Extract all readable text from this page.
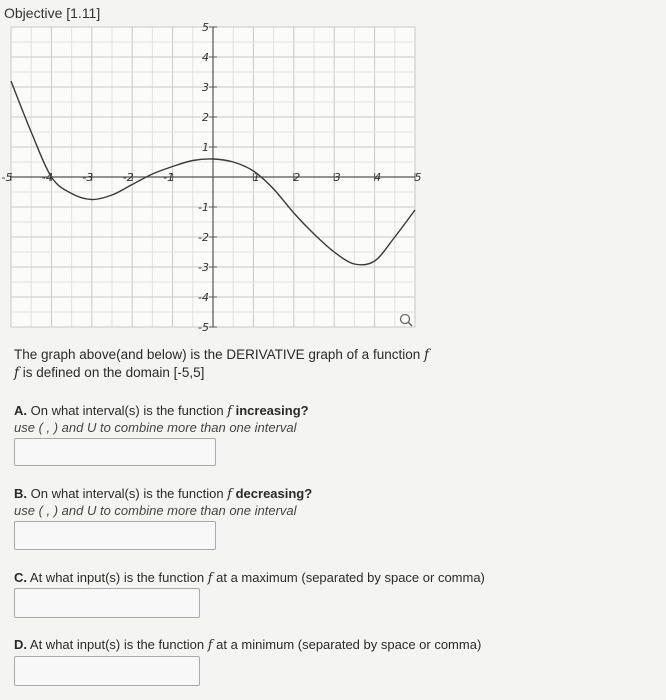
Objective [1.11]
-5	-4	-3	-2	-1	1	2	3	4	5
5
4
3
2
1
-1
-2
-3
-4
-5
The graph above(and below) is the DERIVATIVE graph of a function f
f is defined on the domain [-5,5]
A. On what interval(s) is the function f increasing?
use ( , ) and U to combine more than one interval
B. On what interval(s) is the function f decreasing?
use ( , ) and U to combine more than one interval
C. At what input(s) is the function f at a maximum (separated by space or comma)
D. At what input(s) is the function f at a minimum (separated by space or comma)
